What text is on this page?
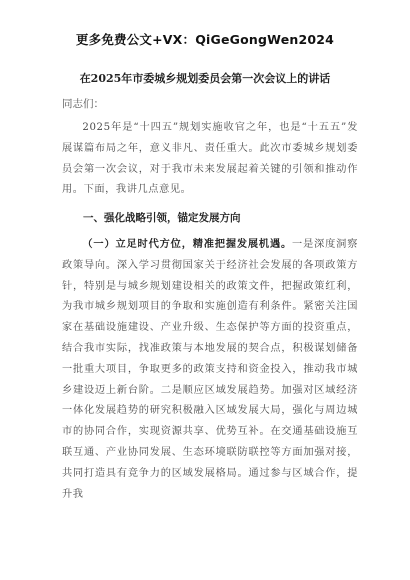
更多免费公文+VX：QiGeGongWen2024
在2025年市委城乡规划委员会第一次会议上的讲话
同志们：

2025年是“十四五”规划实施收官之年，也是“十五五”发展谋篇布局之年，意义非凡、责任重大。此次市委城乡规划委员会第一次会议，对于我市未来发展起着关键的引领和推动作用。下面，我讲几点意见。

一、强化战略引领，锚定发展方向

（一）立足时代方位，精准把握发展机遇。一是深度洞察政策导向。深入学习贯彻国家关于经济社会发展的各项政策方针，特别是与城乡规划建设相关的政策文件，把握政策红利，为我市城乡规划项目的争取和实施创造有利条件。紧密关注国家在基础设施建设、产业升级、生态保护等方面的投资重点，结合我市实际，找准政策与本地发展的契合点，积极谋划储备一批重大项目，争取更多的政策支持和资金投入，推动我市城乡建设迈上新台阶。二是顺应区域发展趋势。加强对区域经济一体化发展趋势的研究积极融入区域发展大局，强化与周边城市的协同合作，实现资源共享、优势互补。在交通基础设施互联互通、产业协同发展、生态环境联防联控等方面加强对接，共同打造具有竞争力的区域发展格局。通过参与区域合作，提升我
